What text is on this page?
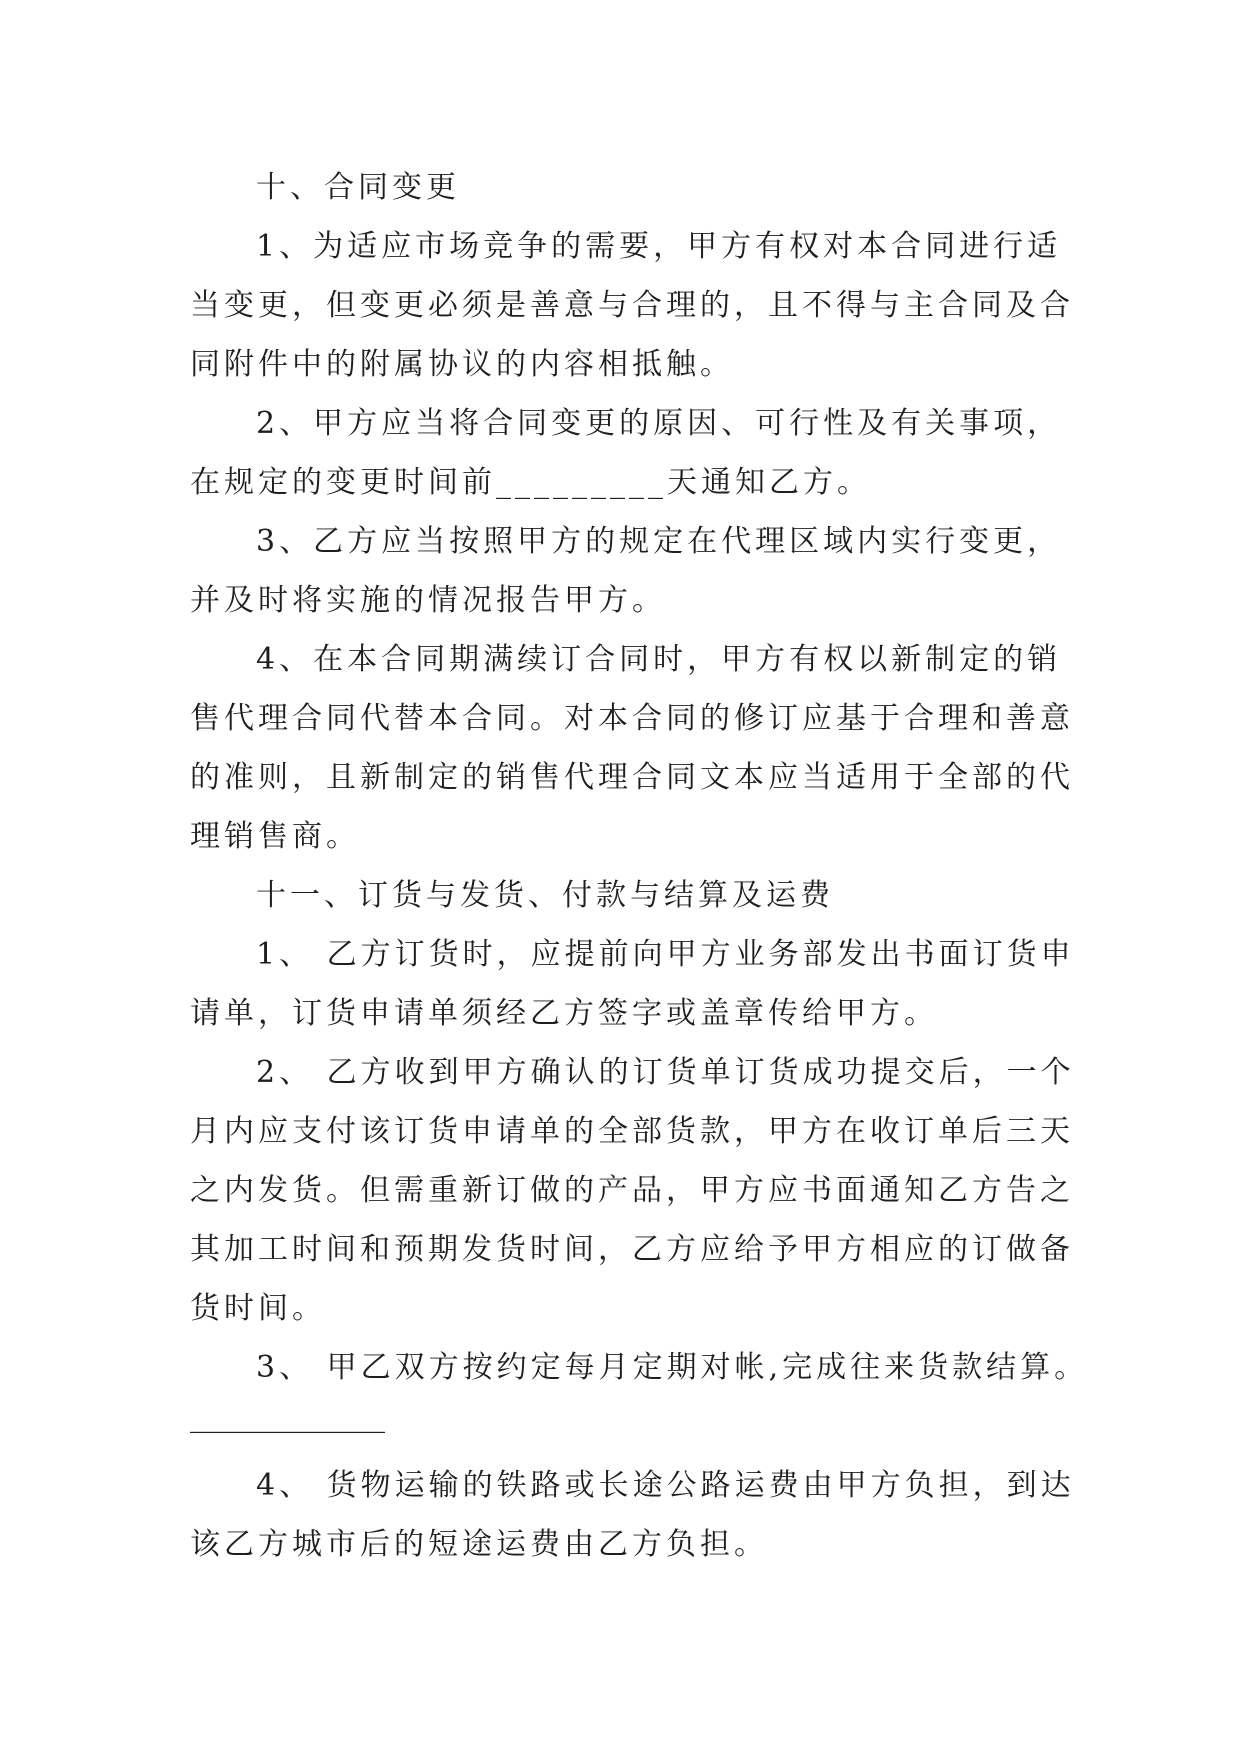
十、合同变更
1、为适应市场竞争的需要，甲方有权对本合同进行适
当变更，但变更必须是善意与合理的，且不得与主合同及合
同附件中的附属协议的内容相抵触。
2、甲方应当将合同变更的原因、可行性及有关事项，
在规定的变更时间前_________天通知乙方。
3、乙方应当按照甲方的规定在代理区域内实行变更，
并及时将实施的情况报告甲方。
4、在本合同期满续订合同时，甲方有权以新制定的销
售代理合同代替本合同。对本合同的修订应基于合理和善意
的准则，且新制定的销售代理合同文本应当适用于全部的代
理销售商。
十一、订货与发货、付款与结算及运费
1、 乙方订货时，应提前向甲方业务部发出书面订货申
请单，订货申请单须经乙方签字或盖章传给甲方。
2、 乙方收到甲方确认的订货单订货成功提交后，一个
月内应支付该订货申请单的全部货款，甲方在收订单后三天
之内发货。但需重新订做的产品，甲方应书面通知乙方告之
其加工时间和预期发货时间，乙方应给予甲方相应的订做备
货时间。
3、 甲乙双方按约定每月定期对帐,完成往来货款结算。
_____________
4、 货物运输的铁路或长途公路运费由甲方负担，到达
该乙方城市后的短途运费由乙方负担。
